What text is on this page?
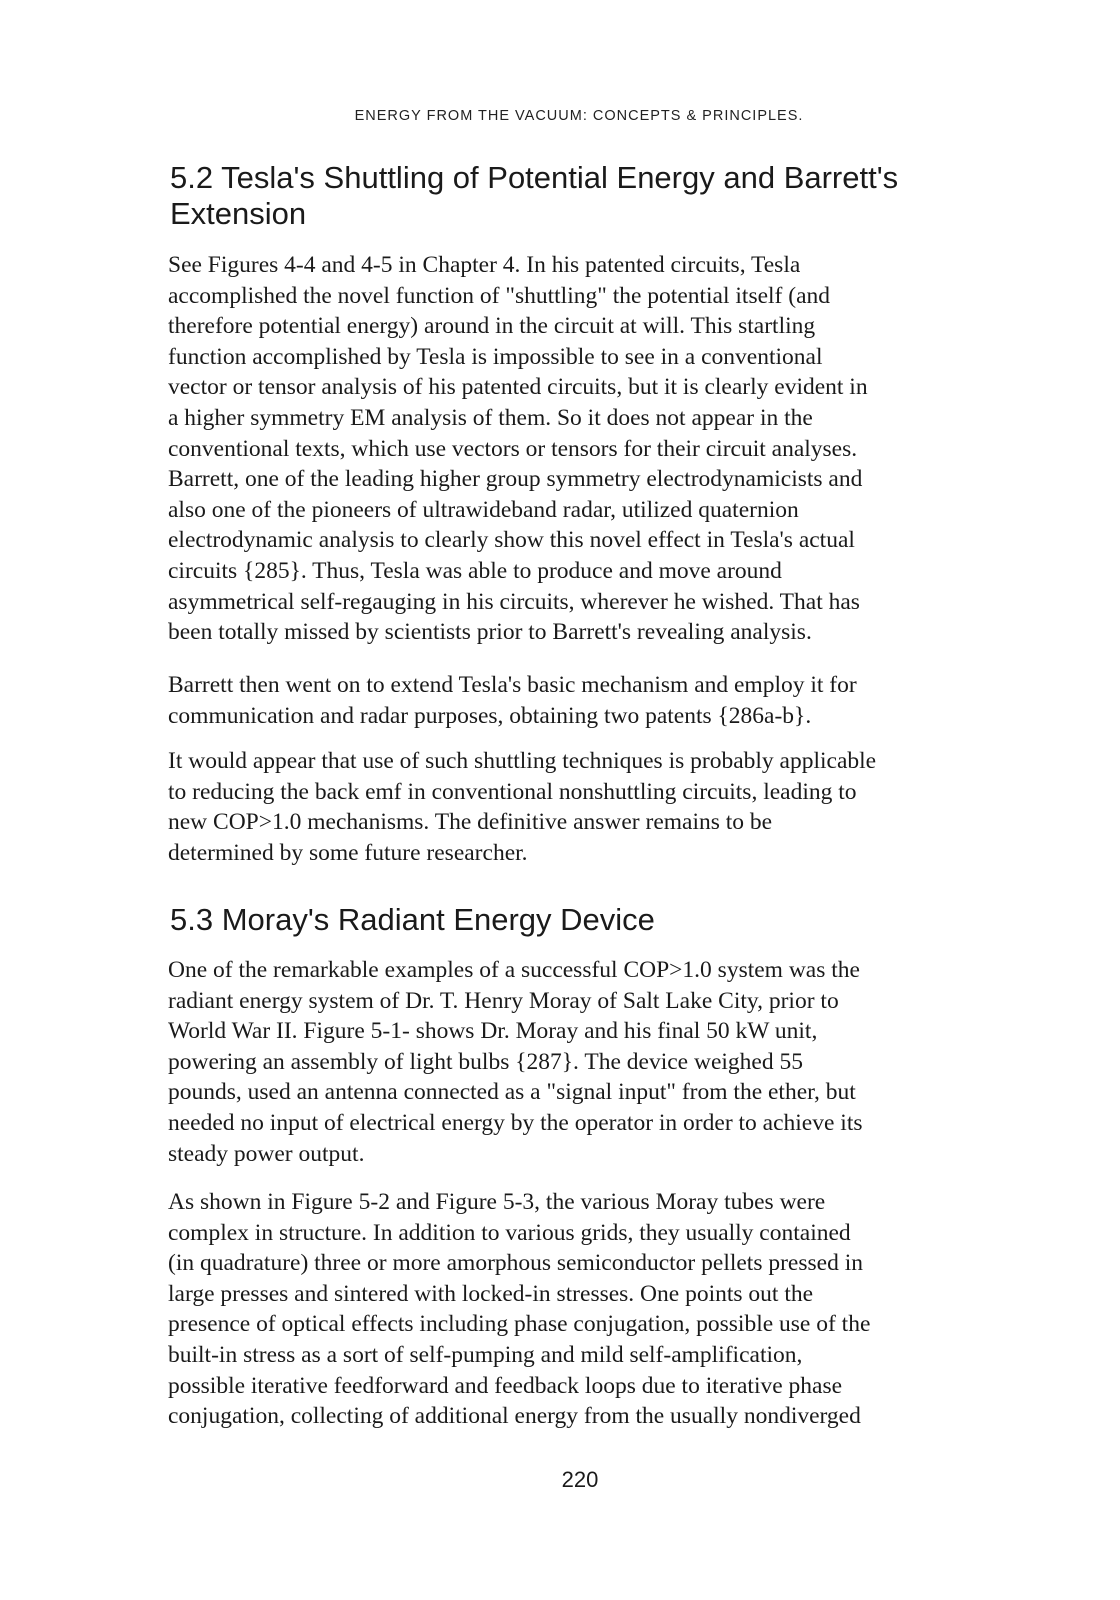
ENERGY FROM THE VACUUM: CONCEPTS & PRINCIPLES.
5.2 Tesla's Shuttling of Potential Energy and Barrett's
Extension

See Figures 4-4 and 4-5 in Chapter 4. In his patented circuits, Tesla
accomplished the novel function of "shuttling" the potential itself (and
therefore potential energy) around in the circuit at will. This startling
function accomplished by Tesla is impossible to see in a conventional
vector or tensor analysis of his patented circuits, but it is clearly evident in
a higher symmetry EM analysis of them. So it does not appear in the
conventional texts, which use vectors or tensors for their circuit analyses.
Barrett, one of the leading higher group symmetry electrodynamicists and
also one of the pioneers of ultrawideband radar, utilized quaternion
electrodynamic analysis to clearly show this novel effect in Tesla's actual
circuits {285}. Thus, Tesla was able to produce and move around
asymmetrical self-regauging in his circuits, wherever he wished. That has
been totally missed by scientists prior to Barrett's revealing analysis.

Barrett then went on to extend Tesla's basic mechanism and employ it for
communication and radar purposes, obtaining two patents {286a-b}.

It would appear that use of such shuttling techniques is probably applicable
to reducing the back emf in conventional nonshuttling circuits, leading to
new COP>1.0 mechanisms. The definitive answer remains to be
determined by some future researcher.

5.3 Moray's Radiant Energy Device

One of the remarkable examples of a successful COP>1.0 system was the
radiant energy system of Dr. T. Henry Moray of Salt Lake City, prior to
World War II. Figure 5-1- shows Dr. Moray and his final 50 kW unit,
powering an assembly of light bulbs {287}. The device weighed 55
pounds, used an antenna connected as a "signal input" from the ether, but
needed no input of electrical energy by the operator in order to achieve its
steady power output.

As shown in Figure 5-2 and Figure 5-3, the various Moray tubes were
complex in structure. In addition to various grids, they usually contained
(in quadrature) three or more amorphous semiconductor pellets pressed in
large presses and sintered with locked-in stresses. One points out the
presence of optical effects including phase conjugation, possible use of the
built-in stress as a sort of self-pumping and mild self-amplification,
possible iterative feedforward and feedback loops due to iterative phase
conjugation, collecting of additional energy from the usually nondiverged

220
